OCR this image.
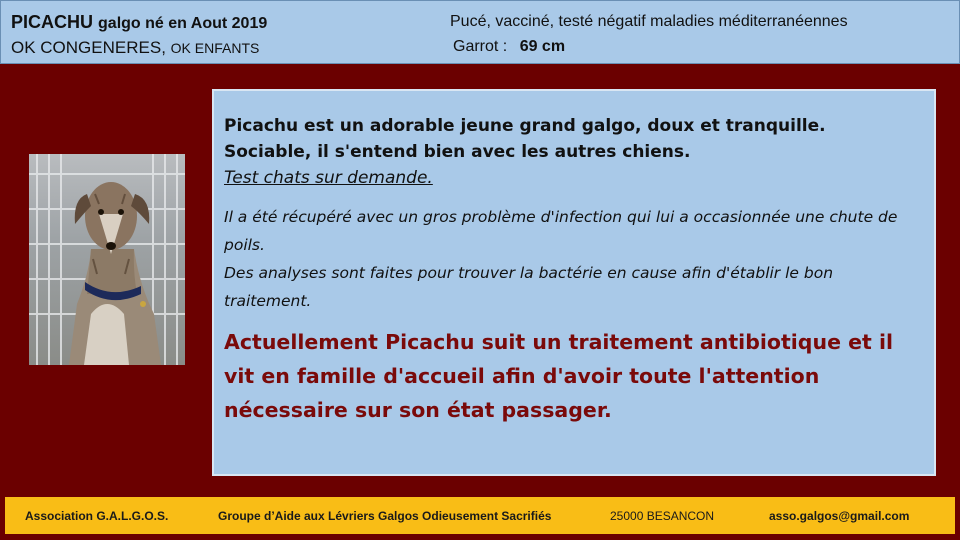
PICACHU galgo né en Aout 2019
OK CONGENERES, OK ENFANTS
Pucé, vacciné, testé négatif maladies méditerranéennes
Garrot : 69 cm

Picachu est un adorable jeune grand galgo, doux et tranquille.
Sociable, il s'entend bien avec les autres chiens.
Test chats sur demande.

Il a été récupéré avec un gros problème d'infection qui lui a occasionnée une chute de poils.
Des analyses sont faites pour trouver la bactérie en cause afin d'établir le bon traitement.

Actuellement Picachu suit un traitement antibiotique et il vit en famille d'accueil afin d'avoir toute l'attention nécessaire sur son état passager.

Association G.A.L.G.O.S.	Groupe d’Aide aux Lévriers Galgos Odieusement Sacrifiés	25000 BESANCON	asso.galgos@gmail.com
